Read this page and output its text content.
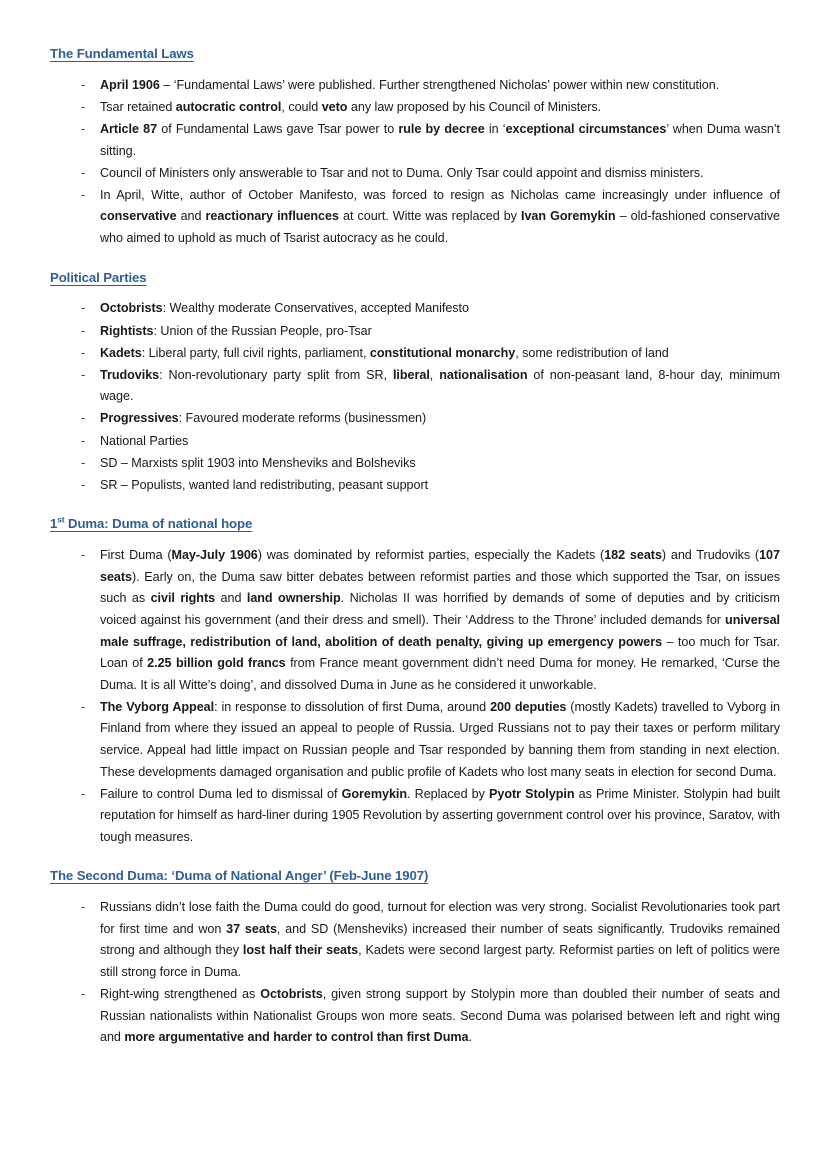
The Fundamental Laws
- April 1906 – ‘Fundamental Laws’ were published. Further strengthened Nicholas’ power within new constitution.
- Tsar retained autocratic control, could veto any law proposed by his Council of Ministers.
- Article 87 of Fundamental Laws gave Tsar power to rule by decree in ‘exceptional circumstances’ when Duma wasn’t sitting.
- Council of Ministers only answerable to Tsar and not to Duma. Only Tsar could appoint and dismiss ministers.
- In April, Witte, author of October Manifesto, was forced to resign as Nicholas came increasingly under influence of conservative and reactionary influences at court. Witte was replaced by Ivan Goremykin – old-fashioned conservative who aimed to uphold as much of Tsarist autocracy as he could.
Political Parties
- Octobrists: Wealthy moderate Conservatives, accepted Manifesto
- Rightists: Union of the Russian People, pro-Tsar
- Kadets: Liberal party, full civil rights, parliament, constitutional monarchy, some redistribution of land
- Trudoviks: Non-revolutionary party split from SR, liberal, nationalisation of non-peasant land, 8-hour day, minimum wage.
- Progressives: Favoured moderate reforms (businessmen)
- National Parties
- SD – Marxists split 1903 into Mensheviks and Bolsheviks
- SR – Populists, wanted land redistributing, peasant support
1st Duma: Duma of national hope
- First Duma (May-July 1906) was dominated by reformist parties, especially the Kadets (182 seats) and Trudoviks (107 seats). Early on, the Duma saw bitter debates between reformist parties and those which supported the Tsar, on issues such as civil rights and land ownership. Nicholas II was horrified by demands of some of deputies and by criticism voiced against his government (and their dress and smell). Their ‘Address to the Throne’ included demands for universal male suffrage, redistribution of land, abolition of death penalty, giving up emergency powers – too much for Tsar. Loan of 2.25 billion gold francs from France meant government didn’t need Duma for money. He remarked, ‘Curse the Duma. It is all Witte’s doing’, and dissolved Duma in June as he considered it unworkable.
- The Vyborg Appeal: in response to dissolution of first Duma, around 200 deputies (mostly Kadets) travelled to Vyborg in Finland from where they issued an appeal to people of Russia. Urged Russians not to pay their taxes or perform military service. Appeal had little impact on Russian people and Tsar responded by banning them from standing in next election. These developments damaged organisation and public profile of Kadets who lost many seats in election for second Duma.
- Failure to control Duma led to dismissal of Goremykin. Replaced by Pyotr Stolypin as Prime Minister. Stolypin had built reputation for himself as hard-liner during 1905 Revolution by asserting government control over his province, Saratov, with tough measures.
The Second Duma: ‘Duma of National Anger’ (Feb-June 1907)
- Russians didn’t lose faith the Duma could do good, turnout for election was very strong. Socialist Revolutionaries took part for first time and won 37 seats, and SD (Mensheviks) increased their number of seats significantly. Trudoviks remained strong and although they lost half their seats, Kadets were second largest party. Reformist parties on left of politics were still strong force in Duma.
- Right-wing strengthened as Octobrists, given strong support by Stolypin more than doubled their number of seats and Russian nationalists within Nationalist Groups won more seats. Second Duma was polarised between left and right wing and more argumentative and harder to control than first Duma.
